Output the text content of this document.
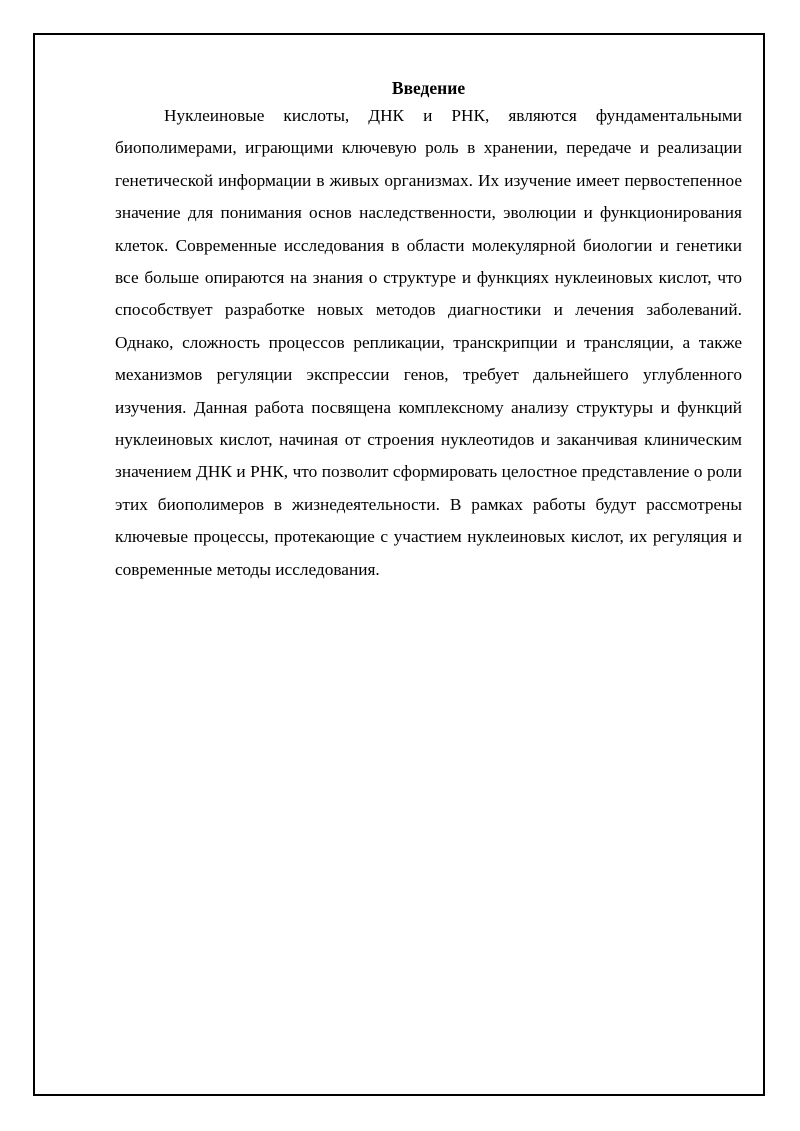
Введение

Нуклеиновые кислоты, ДНК и РНК, являются фундаментальными биополимерами, играющими ключевую роль в хранении, передаче и реализации генетической информации в живых организмах. Их изучение имеет первостепенное значение для понимания основ наследственности, эволюции и функционирования клеток. Современные исследования в области молекулярной биологии и генетики все больше опираются на знания о структуре и функциях нуклеиновых кислот, что способствует разработке новых методов диагностики и лечения заболеваний. Однако, сложность процессов репликации, транскрипции и трансляции, а также механизмов регуляции экспрессии генов, требует дальнейшего углубленного изучения. Данная работа посвящена комплексному анализу структуры и функций нуклеиновых кислот, начиная от строения нуклеотидов и заканчивая клиническим значением ДНК и РНК, что позволит сформировать целостное представление о роли этих биополимеров в жизнедеятельности. В рамках работы будут рассмотрены ключевые процессы, протекающие с участием нуклеиновых кислот, их регуляция и современные методы исследования.
